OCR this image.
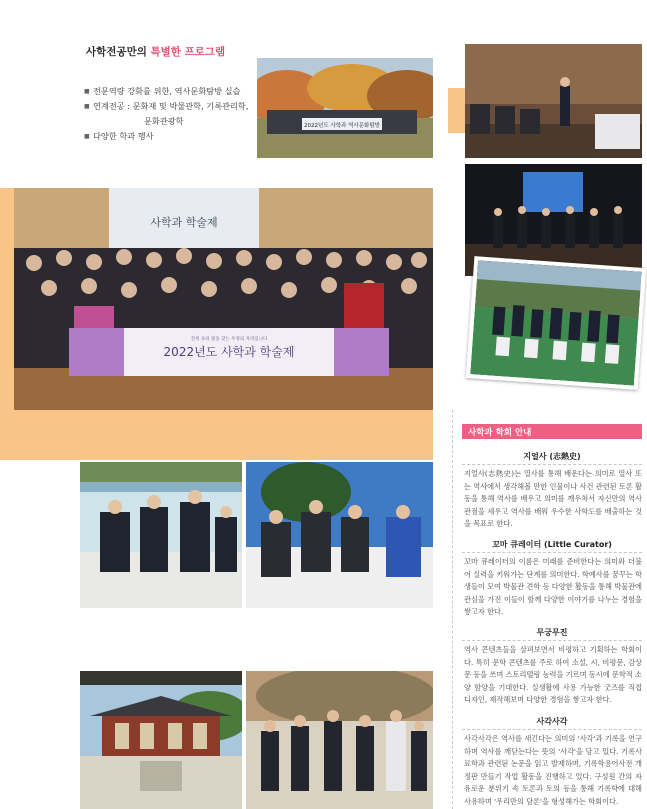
사학전공만의 특별한 프로그램
■ 전문역량 강화를 위한, 역사문화탐방 실습
■ 연계전공 : 문화재 및 박물관학, 기록관리학,
문화관광학
■ 다양한 학과 행사
2022년도 사학과 역사문화탐방
사학과 학술제
2022년도 사학과 학술제
진정 속의 빛을 찾는 우정의 자리입니다
사학과 학회 안내
지얼사 (志熱史)
지얼사(志熱史)는 열사를 통해 배운다는 의미로 열사 또는 역사에서 생각해볼 만한 인물이나 사건 관련된 토론 활동을 통해 역사를 배우고 의미를 깨우쳐서 자신만의 역사 관점을 세우고 역사를 배워 우수한 사학도를 배출하는 것을 목표로 한다.
꼬마 큐레이터 (Little Curator)
꼬마 큐레이터의 이름은 미래를 준비한다는 의미와 더불어 실력을 키워가는 단계를 의미한다. 학예사를 꿈꾸는 학생들이 모여 박물관 견학 등 다양한 활동을 통해 박물관에 관심을 가진 이들이 함께 다양한 이야기를 나누는 경험을 쌓고자 한다.
무궁무진
역사 콘텐츠들을 살펴보면서 비평하고 기획하는 학회이다. 특히 문학 콘텐츠를 주로 하여 소설, 시, 비평문, 감상문 등을 쓰며 스토리텔링 능력을 기르며 동시에 문학적 소양 함양을 기대한다. 실생활에 사용 가능한 굿즈를 직접 디자인, 제작해보며 다양한 경험을 쌓고자 한다.
사각사각
사각사각은 역사를 새긴다는 의미의 '사각'과 기록을 연구하며 역사를 깨닫는다는 뜻의 '사각'을 담고 있다. 기록사료학과 관련된 논문을 읽고 발제하며, 기록학용어사전 개정판 만들기 작업 활동을 진행하고 있다. 구성원 간의 자유로운 분위기 속 토론과 토의 등을 통해 기록학에 대해 사유하며 '우리만의 담론'을 형성해가는 학회이다.
